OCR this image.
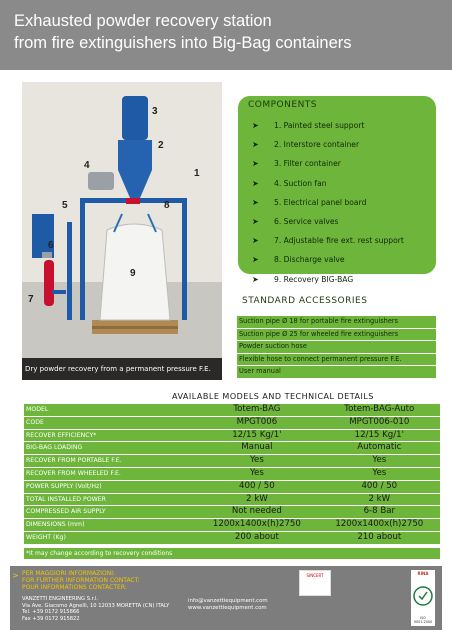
Exhausted powder recovery station
from fire extinguishers into Big-Bag containers
3
2
4
1
5	8
6
9
7
Dry powder recovery from a permanent pressure F.E.
COMPONENTS
➤	1. Painted steel support
➤	2. Interstore container
➤	3. Filter container
➤	4. Suction fan
➤	5. Electrical panel board
➤	6. Service valves
➤	7. Adjustable fire ext. rest support
➤	8. Discharge valve
➤	9. Recovery BIG-BAG
STANDARD ACCESSORIES
Suction pipe Ø 18 for portable fire extinguishers
Suction pipe Ø 25 for wheeled fire extinguishers
Powder suction hose
Flexible hose to connect permanent pressure F.E.
User manual
AVAILABLE MODELS AND TECHNICAL DETAILS
MODEL	Totem-BAG	Totem-BAG-Auto
CODE	MPGT006	MPGT006-010
RECOVER EFFICIENCY*	12/15 Kg/1'	12/15 Kg/1'
BIG-BAG LOADING	Manual	Automatic
RECOVER FROM PORTABLE F.E.	Yes	Yes
RECOVER FROM WHEELED F.E.	Yes	Yes
POWER SUPPLY (Volt/Hz)	400 / 50	400 / 50
TOTAL INSTALLED POWER	2 kW	2 kW
COMPRESSED AIR SUPPLY	Not needed	6-8 Bar
DIMENSIONS (mm)	1200x1400x(h)2750	1200x1400x(h)2750
WEIGHT (Kg)	200 about	210 about
*It may change according to recovery conditions
> PER MAGGIORI INFORMAZIONI:
FOR FURTHER INFORMATION CONTACT:
POUR INFORMATIONS CONTACTER:
VANZETTI ENGINEERING S.r.l.
Via Ave. Giacomo Agnelli, 10 12033 MORETTA (CN) ITALY
Tel. +39 0172 915866
Fax +39 0172 915822
info@vanzettiequipment.com
www.vanzettiequipment.com
SINCERT	RINA
ISO 9001:2000
